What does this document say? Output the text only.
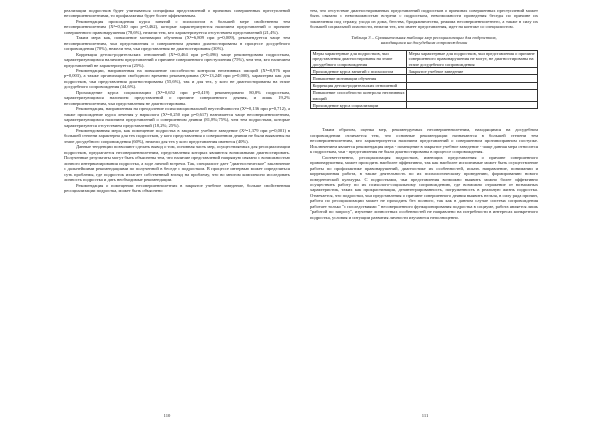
реализации подростков будет учитываться специфика представлений о причинах совершенных преступлений несовершеннолетними, то профилактика будет более эффективным.

Рекомендация прохождения курса занятий с психологом в большей мере свойственна тем несовершеннолетним (Х²=0,540 при p=0,462), которые характеризуются наличием представлений о причине совершенного правонарушения (78,6%), нежели тем, кто характеризуется отсутствием представлений (21,4%).

Таким мера как, повышение мотивации обучения (Х²=6,809 при p=0,009), рекомендуется чаще тем несовершеннолетним, чьи представления о совершенном деянии диагностированы в процессе досудебного сопровождения (70%), нежели тем, чьи представления не диагностированы (30%).

Коррекция детско-родительских отношений (Х²=0,464 при p=0,496) чаще рекомендована подросткам, характеризующимся наличием представлений о причине совершенного преступления (75%), чем тем, кто наличием представлений не характеризуется (25%).

Рекомендации, направленная на повышение способности контроля негативных эмоций (Х²=8,976 при p=0,003), а также организацию свободного времени рекомендована (Х²=13,248 при p=0,000), характерна как для подростков, чьи представления диагностированы (55,6%), так и для тех, у кого не диагностированы на этапе досудебного сопровождения (44,6%).

Прохождение курса социализации (Х²=0,652 при p=0,419) рекомендовано 80,8% подросткам, характеризующимся наличием представлений о причине совершенного деяния, и лишь 19,2% несовершеннолетним, чьи представления не диагностированы.

Рекомендация, направленная на преодоление психоэмоциональной неустойчивости (Х²=0,136 при p=0,712), а также прохождение курса лечения у нарколога (Х²=0,250 при p=0,617) назначается чаще несовершеннолетним, характеризующимся наличием представлений о совершенном деянии (81,8%;75%), чем тем подросткам, которые характеризуются отсутствием представлений (18,2%; 25%).

Рекомендованная мера, как помещение подростка в закрытое учебное заведение (Х²=1,379 при p=0,001) в большей степени характерна для тех подростков, у кого представления о совершенном деянии не были выявлены на этапе досудебного сопровождения (60%), нежели для тех у кого представления имеются (40%).

Данные тенденции позволяют сделать вывод о том, основная часть мер, осуществляемых для ресоциализации подростков, предлагается несовершеннолетним, представления которых являются возможными диагностировать. Полученные результаты могут быть объяснены тем, что наличие представлений напрямую связано с возможностью личного интервьюирования подростка, а ходе личной встречи. Так, специалист дает "диагностическое" заключение с дальнейшими рекомендациями по полученной в беседе с подростком. В процессе интервью может определяться суть проблемы, где подросток излагает собственный взгляд на проблему, что во многом комплексно исследовать личность подростка и дать необходимые рекомендации.

Рекомендация о помещении несовершеннолетних в закрытое учебное заведение, больше свойственная ресоциализации подростка, может быть объяснено

110

тем, что отсутствие диагностированных представлений подростков о причинах совершенных преступлений может быть связано с невозможностью встречи с подростком, невозможности проведения беседы по причине их заключения под стражу, ухода из дома, бегства, бродяжничества, режима несовершеннолетнего, а также в силу их большей социальной опасности, нежели тех, кто имеет представления, идет на контакт со специалистом.

Таблица 3 – Сравнительная таблица мер ресоциализации для подростков,
находящихся на досудебном сопровождении
Меры характерные для подростков, чьи представления диагностированы на этапе досудебного сопровождения	Меры характерные для подростков, чьи представления о причине совершенного правонарушения не могут, не диагностированы на этапе досудебного сопровождения
Прохождение курса занятий с психологом	Закрытое учебное заведение
Повышение мотивации обучения	
Коррекция детско-родительских отношений	
Повышение способности контроля негативных эмоций	
Прохождение курса социализации	

Таким образом, оценка мер, рекомендуемых несовершеннолетним, находящимся на досудебном сопровождении отличается тем, что основные рекомендации назначаются в большей степени тем несовершеннолетним, кто характеризуется наличием представлений о совершенном противоправном поступке. Исключением является рекомендация мера - помещение в закрытое учебное заведение - чаще данная мера относится к подросткам, чьи - представления не были диагностированы в процессе сопровождения.

Соответственно, ресоциализация подростков, имеющих представления о причине совершенного правонарушения, может проходить наиболее эффективно, так как наиболее исполнимые может быть осуществление работы по профилактике правонарушений, диагностике их особенностей, искать направление, понимании и коррекционная работа, в также деятельность по их психологическому проведению, формированию нового поведенческой культуры. С подростками, чьи представления возможно выявить можно более эффективно осуществить работу по их психолого-социальному сопровождению, где возможно отражение от возможных характеристик, таких как прокрастинация, дезинтегрированность, погруженность в реальную жизнь подростка. Отмечается, что подростки, чьи представления о причине совершенного деяния выявить нельзя, в силу ряда причин, работа по ресоциализации может не проходить без полного, так как в данном случае система сопровождения работает только "с последствиями " несовершенного функционирования подростка в социуме, работа является лишь "работой по запросу", изучение личностных особенностей не направлено на потребности в интересах конкретного подростка, условия и ситуации развития личности изучаются неполноценно.

111
